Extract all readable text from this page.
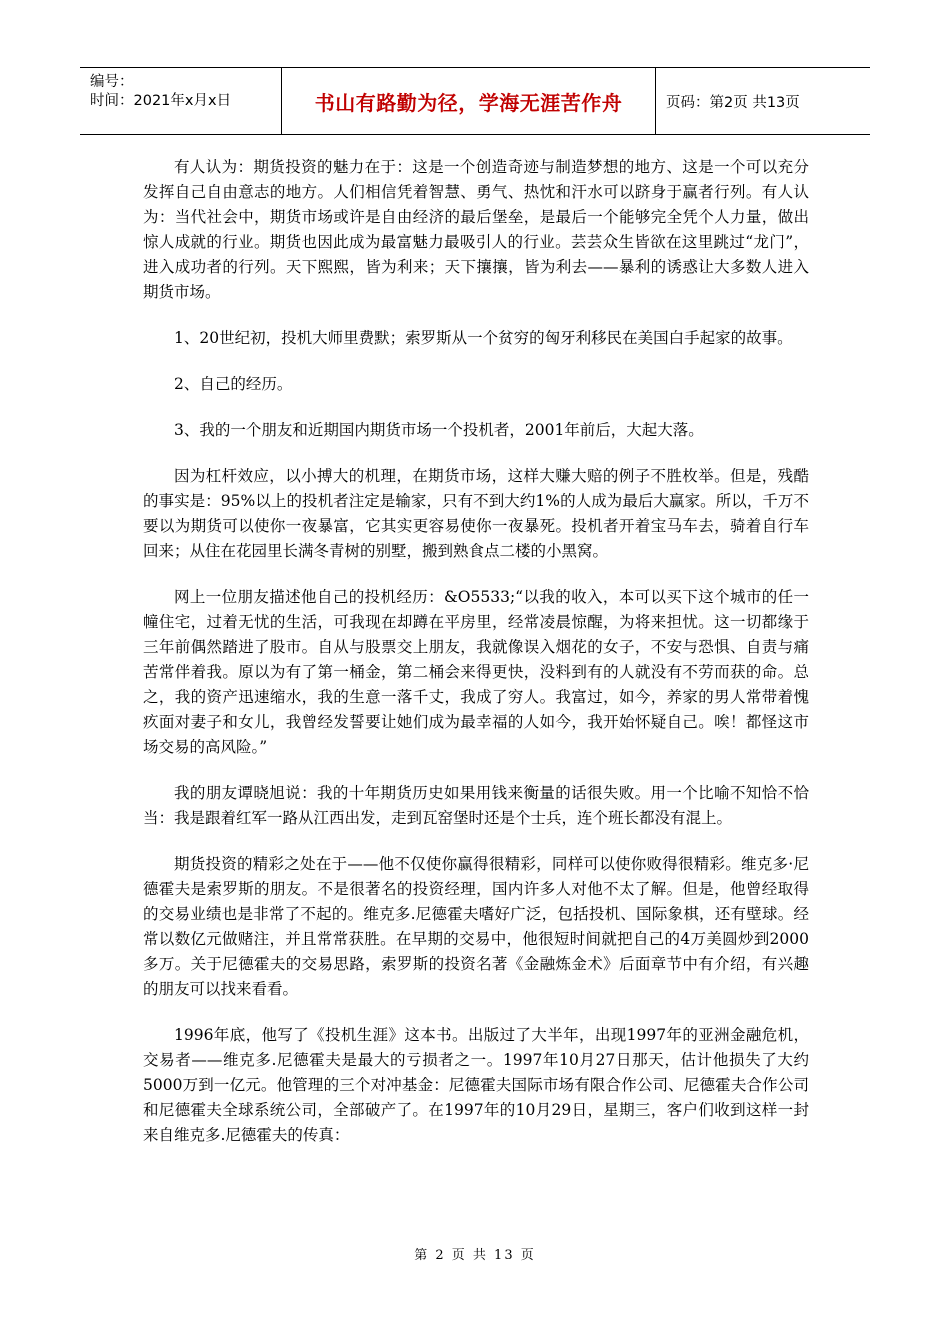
编号：
时间：2021年x月x日	书山有路勤为径，学海无涯苦作舟	页码：第2页 共13页

有人认为：期货投资的魅力在于：这是一个创造奇迹与制造梦想的地方、这是一个可以充分发挥自己自由意志的地方。人们相信凭着智慧、勇气、热忱和汗水可以跻身于赢者行列。有人认为：当代社会中，期货市场或许是自由经济的最后堡垒，是最后一个能够完全凭个人力量，做出惊人成就的行业。期货也因此成为最富魅力最吸引人的行业。芸芸众生皆欲在这里跳过“龙门”，进入成功者的行列。天下熙熙，皆为利来；天下攘攘，皆为利去——暴利的诱惑让大多数人进入期货市场。

1、20世纪初，投机大师里费默；索罗斯从一个贫穷的匈牙利移民在美国白手起家的故事。

2、自己的经历。

3、我的一个朋友和近期国内期货市场一个投机者，2001年前后，大起大落。

因为杠杆效应，以小搏大的机理，在期货市场，这样大赚大赔的例子不胜枚举。但是，残酷的事实是：95%以上的投机者注定是输家，只有不到大约1%的人成为最后大赢家。所以，千万不要以为期货可以使你一夜暴富，它其实更容易使你一夜暴死。投机者开着宝马车去，骑着自行车回来；从住在花园里长满冬青树的别墅，搬到熟食点二楼的小黑窝。

网上一位朋友描述他自己的投机经历：&O5533;“以我的收入，本可以买下这个城市的任一幢住宅，过着无忧的生活，可我现在却蹲在平房里，经常凌晨惊醒，为将来担忧。这一切都缘于三年前偶然踏进了股市。自从与股票交上朋友，我就像误入烟花的女子，不安与恐惧、自责与痛苦常伴着我。原以为有了第一桶金，第二桶会来得更快，没料到有的人就没有不劳而获的命。总之，我的资产迅速缩水，我的生意一落千丈，我成了穷人。我富过，如今，养家的男人常带着愧疚面对妻子和女儿，我曾经发誓要让她们成为最幸福的人如今，我开始怀疑自己。唉！都怪这市场交易的高风险。”

我的朋友谭晓旭说：我的十年期货历史如果用钱来衡量的话很失败。用一个比喻不知恰不恰当：我是跟着红军一路从江西出发，走到瓦窑堡时还是个士兵，连个班长都没有混上。

期货投资的精彩之处在于——他不仅使你赢得很精彩，同样可以使你败得很精彩。维克多·尼德霍夫是索罗斯的朋友。不是很著名的投资经理，国内许多人对他不太了解。但是，他曾经取得的交易业绩也是非常了不起的。维克多.尼德霍夫嗜好广泛，包括投机、国际象棋，还有壁球。经常以数亿元做赌注，并且常常获胜。在早期的交易中，他很短时间就把自己的4万美圆炒到2000多万。关于尼德霍夫的交易思路，索罗斯的投资名著《金融炼金术》后面章节中有介绍，有兴趣的朋友可以找来看看。

1996年底，他写了《投机生涯》这本书。出版过了大半年，出现1997年的亚洲金融危机，交易者——维克多.尼德霍夫是最大的亏损者之一。1997年10月27日那天，估计他损失了大约5000万到一亿元。他管理的三个对冲基金：尼德霍夫国际市场有限合作公司、尼德霍夫合作公司和尼德霍夫全球系统公司，全部破产了。在1997年的10月29日，星期三，客户们收到这样一封来自维克多.尼德霍夫的传真：

第 2 页 共 13 页
